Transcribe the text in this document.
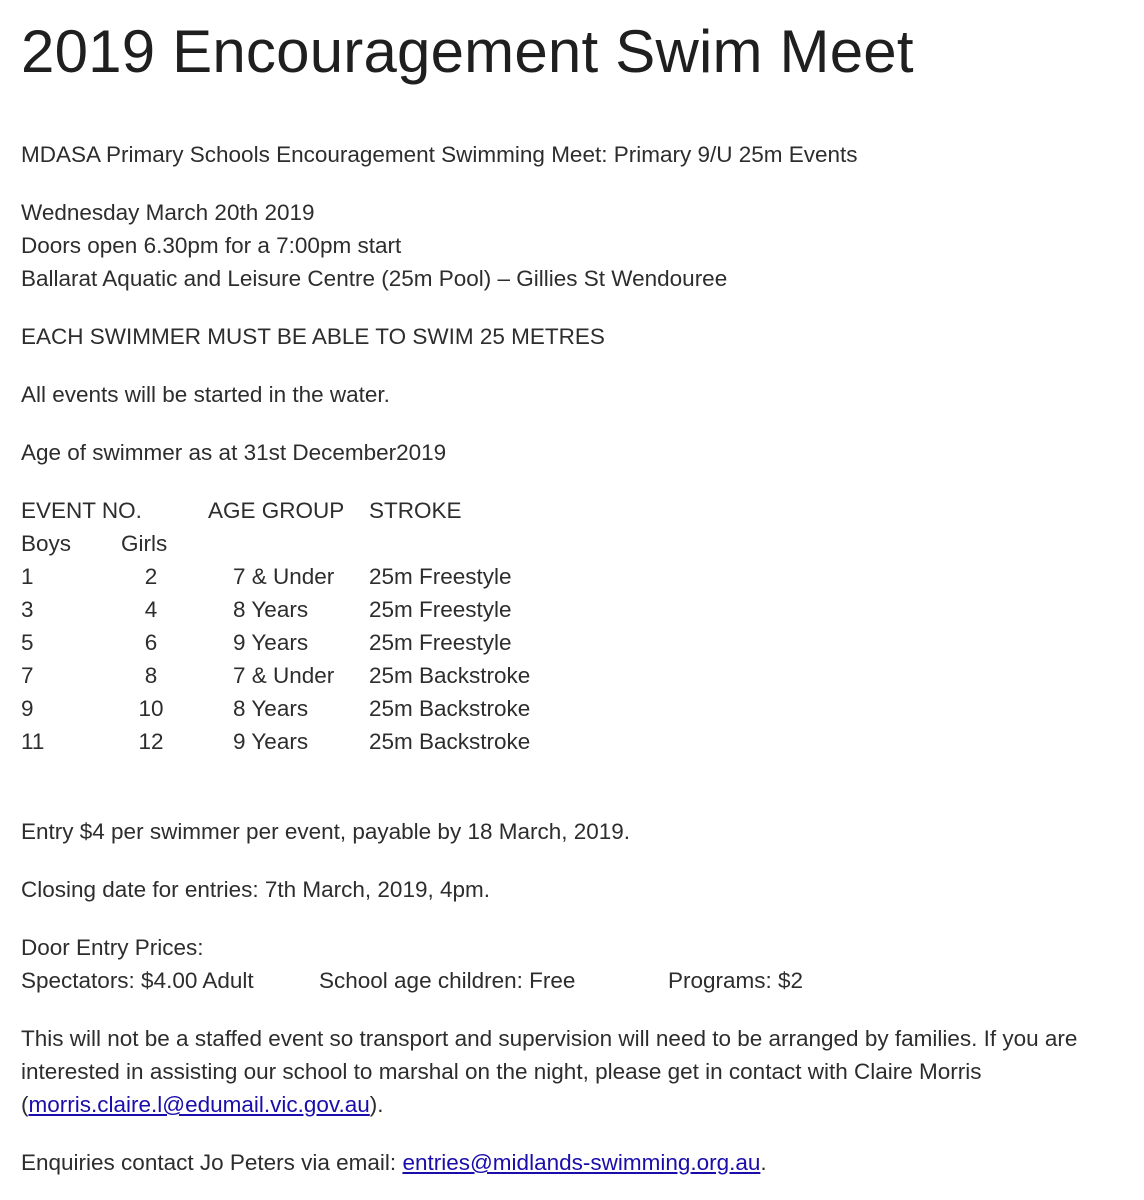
2019 Encouragement Swim Meet
MDASA Primary Schools Encouragement Swimming Meet: Primary 9/U 25m Events
Wednesday March 20th 2019
Doors open 6.30pm for a 7:00pm start
Ballarat Aquatic and Leisure Centre (25m Pool) – Gillies St Wendouree
EACH SWIMMER MUST BE ABLE TO SWIM 25 METRES
All events will be started in the water.
Age of swimmer as at 31st December2019
EVENT NO.	AGE GROUP STROKE
Boys Girls
1	2	7 & Under 25m Freestyle
3	4	8 Years	25m Freestyle
5	6	9 Years	25m Freestyle
7	8	7 & Under 25m Backstroke
9	10	8 Years	25m Backstroke
11	12	9 Years	25m Backstroke
Entry $4 per swimmer per event, payable by 18 March, 2019.
Closing date for entries: 7th March, 2019, 4pm.
Door Entry Prices:
Spectators: $4.00 Adult	School age children: Free	Programs: $2
This will not be a staffed event so transport and supervision will need to be arranged by families. If you are interested in assisting our school to marshal on the night, please get in contact with Claire Morris (morris.claire.l@edumail.vic.gov.au).
Enquiries contact Jo Peters via email: entries@midlands-swimming.org.au.
